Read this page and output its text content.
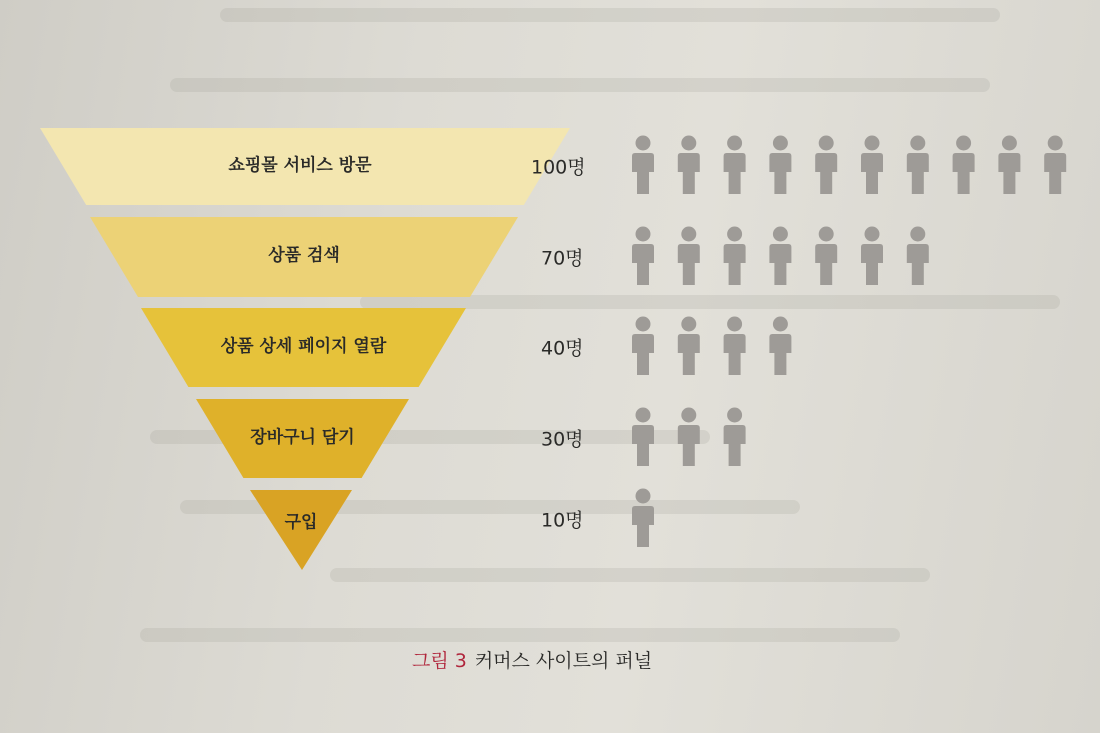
쇼핑몰 서비스 방문	100명
상품 검색	70명
상품 상세 페이지 열람	40명
장바구니 담기	30명
구입	10명
그림 3 커머스 사이트의 퍼널
